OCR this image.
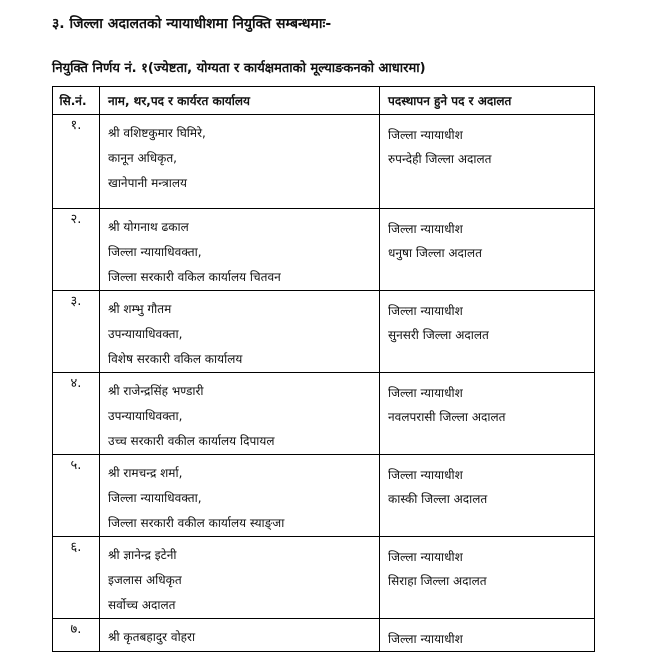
३. जिल्ला अदालतको न्यायाधीशमा नियुक्ति सम्बन्धमाः-
नियुक्ति निर्णय नं. १(ज्येष्टता, योग्यता र कार्यक्षमताको मूल्याङकनको आधारमा)
सि.नं.	नाम, थर,पद र कार्यरत कार्यालय	पदस्थापन हुने पद र अदालत
१.	श्री वशिष्टकुमार घिमिरे,
कानून अधिकृत,
खानेपानी मन्त्रालय	जिल्ला न्यायाधीश
रुपन्देही जिल्ला अदालत

२.	श्री योगनाथ ढकाल
जिल्ला न्यायाधिवक्ता,
जिल्ला सरकारी वकिल कार्यालय चितवन	जिल्ला न्यायाधीश
धनुषा जिल्ला अदालत

३.	श्री शम्भु गौतम
उपन्यायाधिवक्ता,
विशेष सरकारी वकिल कार्यालय	जिल्ला न्यायाधीश
सुनसरी जिल्ला अदालत

४.	श्री राजेन्द्रसिंह भण्डारी
उपन्यायाधिवक्ता,
उच्च सरकारी वकील कार्यालय दिपायल	जिल्ला न्यायाधीश
नवलपरासी जिल्ला अदालत

५.	श्री रामचन्द्र शर्मा,
जिल्ला न्यायाधिवक्ता,
जिल्ला सरकारी वकील कार्यालय स्याङ्जा	जिल्ला न्यायाधीश
कास्की जिल्ला अदालत

६.	श्री ज्ञानेन्द्र इटेनी
इजलास अधिकृत
सर्वोच्च अदालत	जिल्ला न्यायाधीश
सिराहा जिल्ला अदालत

७.	श्री कृतबहादुर वोहरा	जिल्ला न्यायाधीश
